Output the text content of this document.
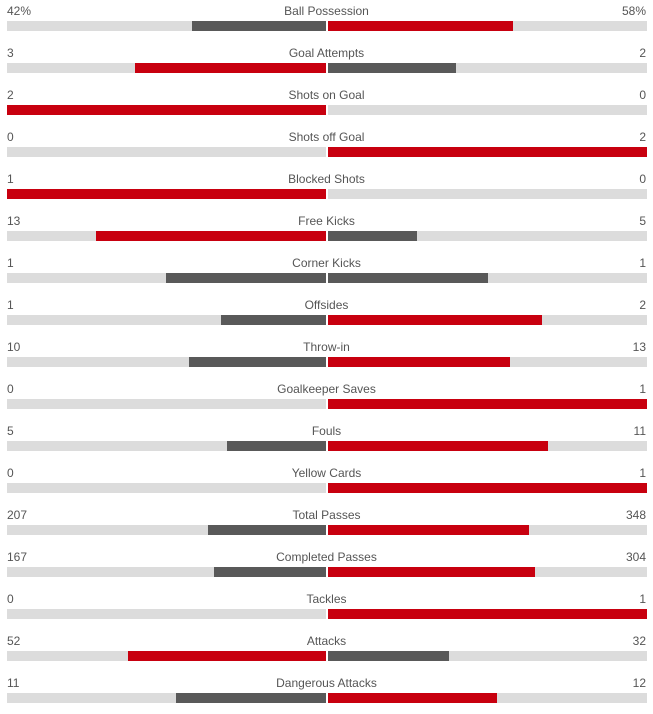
Ball Possession
42%	58%
Goal Attempts
3	2
Shots on Goal
2	0
Shots off Goal
0	2
Blocked Shots
1	0
Free Kicks
13	5
Corner Kicks
1	1
Offsides
1	2
Throw-in
10	13
Goalkeeper Saves
0	1
Fouls
5	11
Yellow Cards
0	1
Total Passes
207	348
Completed Passes
167	304
Tackles
0	1
Attacks
52	32
Dangerous Attacks
11	12
